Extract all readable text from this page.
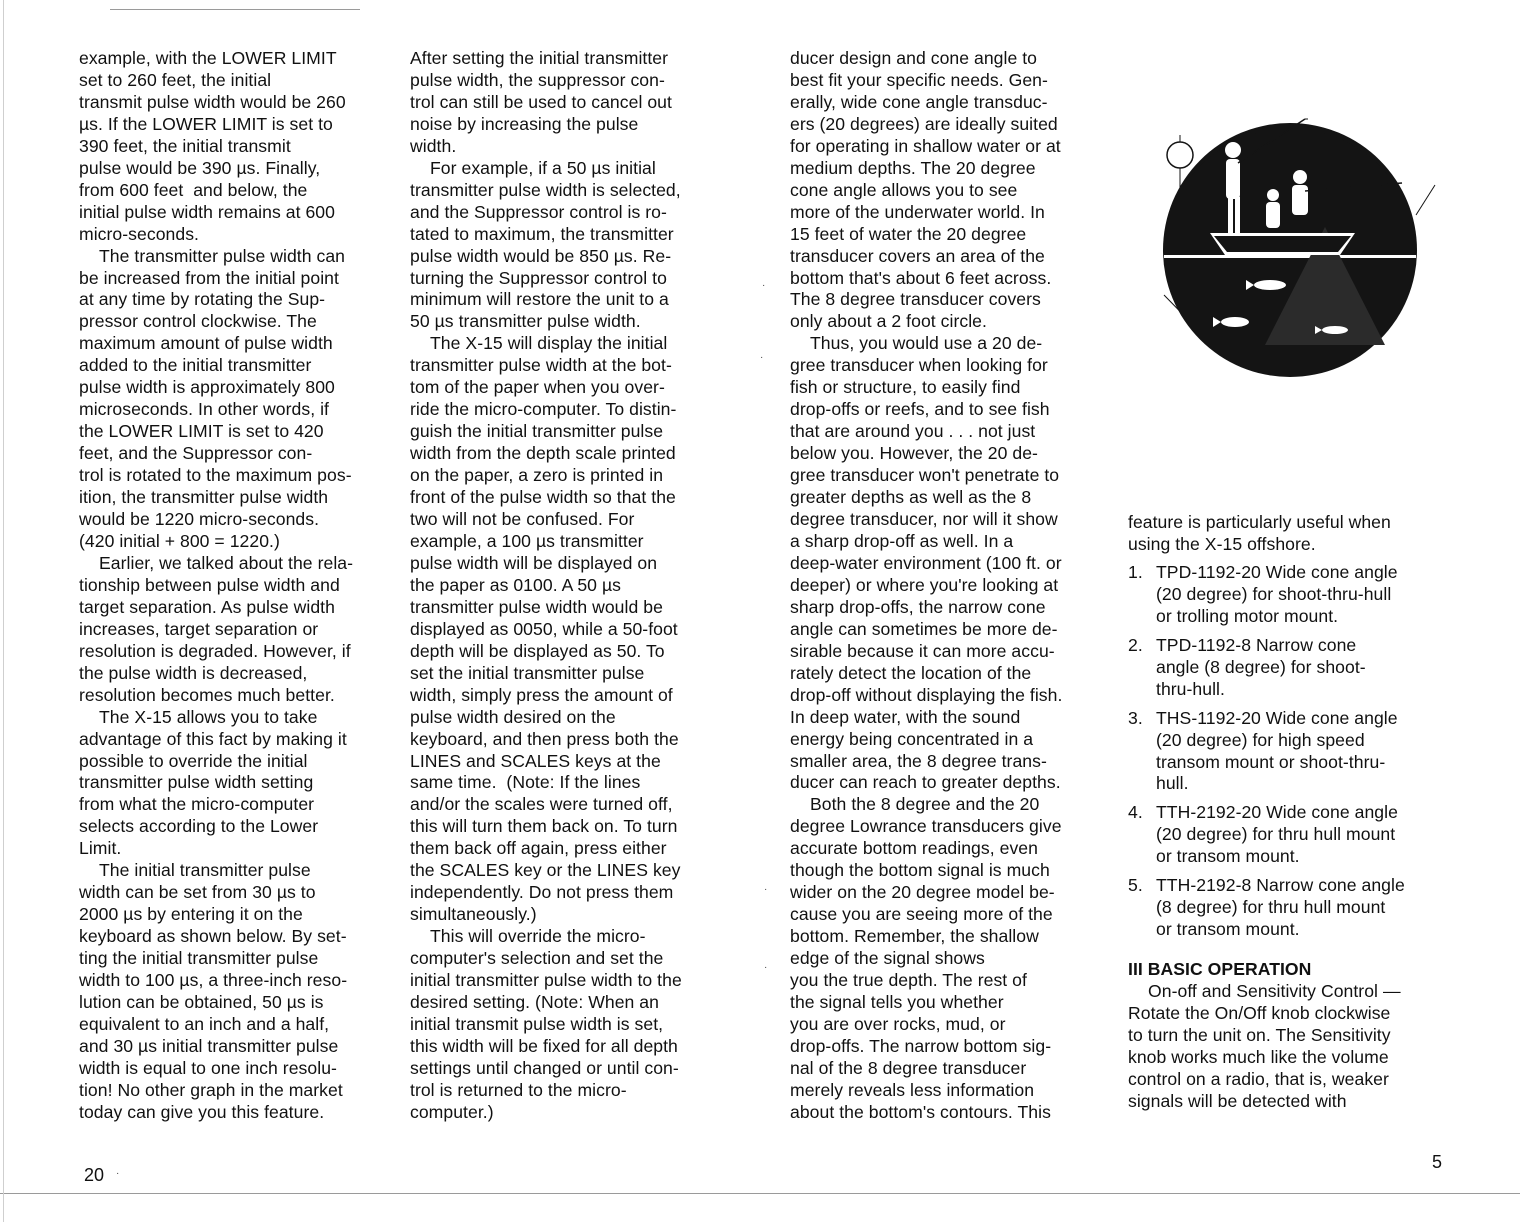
example, with the LOWER LIMIT

set to 260 feet, the initial

transmit pulse width would be 260

µs. If the LOWER LIMIT is set to

390 feet, the initial transmit

pulse would be 390 µs. Finally,

from 600 feet  and below, the

initial pulse width remains at 600

micro-seconds.

The transmitter pulse width can

be increased from the initial point

at any time by rotating the Sup-

pressor control clockwise. The

maximum amount of pulse width

added to the initial transmitter

pulse width is approximately 800

microseconds. In other words, if

the LOWER LIMIT is set to 420

feet, and the Suppressor con-

trol is rotated to the maximum pos-

ition, the transmitter pulse width

would be 1220 micro-seconds.

(420 initial + 800 = 1220.)

Earlier, we talked about the rela-

tionship between pulse width and

target separation. As pulse width

increases, target separation or

resolution is degraded. However, if

the pulse width is decreased,

resolution becomes much better.

The X-15 allows you to take

advantage of this fact by making it

possible to override the initial

transmitter pulse width setting

from what the micro-computer

selects according to the Lower

Limit.

The initial transmitter pulse

width can be set from 30 µs to

2000 µs by entering it on the

keyboard as shown below. By set-

ting the initial transmitter pulse

width to 100 µs, a three-inch reso-

lution can be obtained, 50 µs is

equivalent to an inch and a half,

and 30 µs initial transmitter pulse

width is equal to one inch resolu-

tion! No other graph in the market

today can give you this feature.

After setting the initial transmitter

pulse width, the suppressor con-

trol can still be used to cancel out

noise by increasing the pulse

width.

For example, if a 50 µs initial

transmitter pulse width is selected,

and the Suppressor control is ro-

tated to maximum, the transmitter

pulse width would be 850 µs. Re-

turning the Suppressor control to

minimum will restore the unit to a

50 µs transmitter pulse width.

The X-15 will display the initial

transmitter pulse width at the bot-

tom of the paper when you over-

ride the micro-computer. To distin-

guish the initial transmitter pulse

width from the depth scale printed

on the paper, a zero is printed in

front of the pulse width so that the

two will not be confused. For

example, a 100 µs transmitter

pulse width will be displayed on

the paper as 0100. A 50 µs

transmitter pulse width would be

displayed as 0050, while a 50-foot

depth will be displayed as 50. To

set the initial transmitter pulse

width, simply press the amount of

pulse width desired on the

keyboard, and then press both the

LINES and SCALES keys at the

same time.  (Note: If the lines

and/or the scales were turned off,

this will turn them back on. To turn

them back off again, press either

the SCALES key or the LINES key

independently. Do not press them

simultaneously.)

This will override the micro-

computer's selection and set the

initial transmitter pulse width to the

desired setting. (Note: When an

initial transmit pulse width is set,

this width will be fixed for all depth

settings until changed or until con-

trol is returned to the micro-

computer.)

ducer design and cone angle to

best fit your specific needs. Gen-

erally, wide cone angle transduc-

ers (20 degrees) are ideally suited

for operating in shallow water or at

medium depths. The 20 degree

cone angle allows you to see

more of the underwater world. In

15 feet of water the 20 degree

transducer covers an area of the

bottom that's about 6 feet across.

The 8 degree transducer covers

only about a 2 foot circle.

Thus, you would use a 20 de-

gree transducer when looking for

fish or structure, to easily find

drop-offs or reefs, and to see fish

that are around you . . . not just

below you. However, the 20 de-

gree transducer won't penetrate to

greater depths as well as the 8

degree transducer, nor will it show

a sharp drop-off as well. In a

deep-water environment (100 ft. or

deeper) or where you're looking at

sharp drop-offs, the narrow cone

angle can sometimes be more de-

sirable because it can more accu-

rately detect the location of the

drop-off without displaying the fish.

In deep water, with the sound

energy being concentrated in a

smaller area, the 8 degree trans-

ducer can reach to greater depths.

Both the 8 degree and the 20

degree Lowrance transducers give

accurate bottom readings, even

though the bottom signal is much

wider on the 20 degree model be-

cause you are seeing more of the

bottom. Remember, the shallow

edge of the signal shows

you the true depth. The rest of

the signal tells you whether

you are over rocks, mud, or

drop-offs. The narrow bottom sig-

nal of the 8 degree transducer

merely reveals less information

about the bottom's contours. This

feature is particularly useful when

using the X-15 offshore.

1. TPD-1192-20 Wide cone angle
(20 degree) for shoot-thru-hull
or trolling motor mount.
2. TPD-1192-8 Narrow cone
angle (8 degree) for shoot-
thru-hull.
3. THS-1192-20 Wide cone angle
(20 degree) for high speed
transom mount or shoot-thru-
hull.
4. TTH-2192-20 Wide cone angle
(20 degree) for thru hull mount
or transom mount.
5. TTH-2192-8 Narrow cone angle
(8 degree) for thru hull mount
or transom mount.

III BASIC OPERATION

On-off and Sensitivity Control —

Rotate the On/Off knob clockwise

to turn the unit on. The Sensitivity

knob works much like the volume

control on a radio, that is, weaker

signals will be detected with

20 ·
5
·
·
·
·
